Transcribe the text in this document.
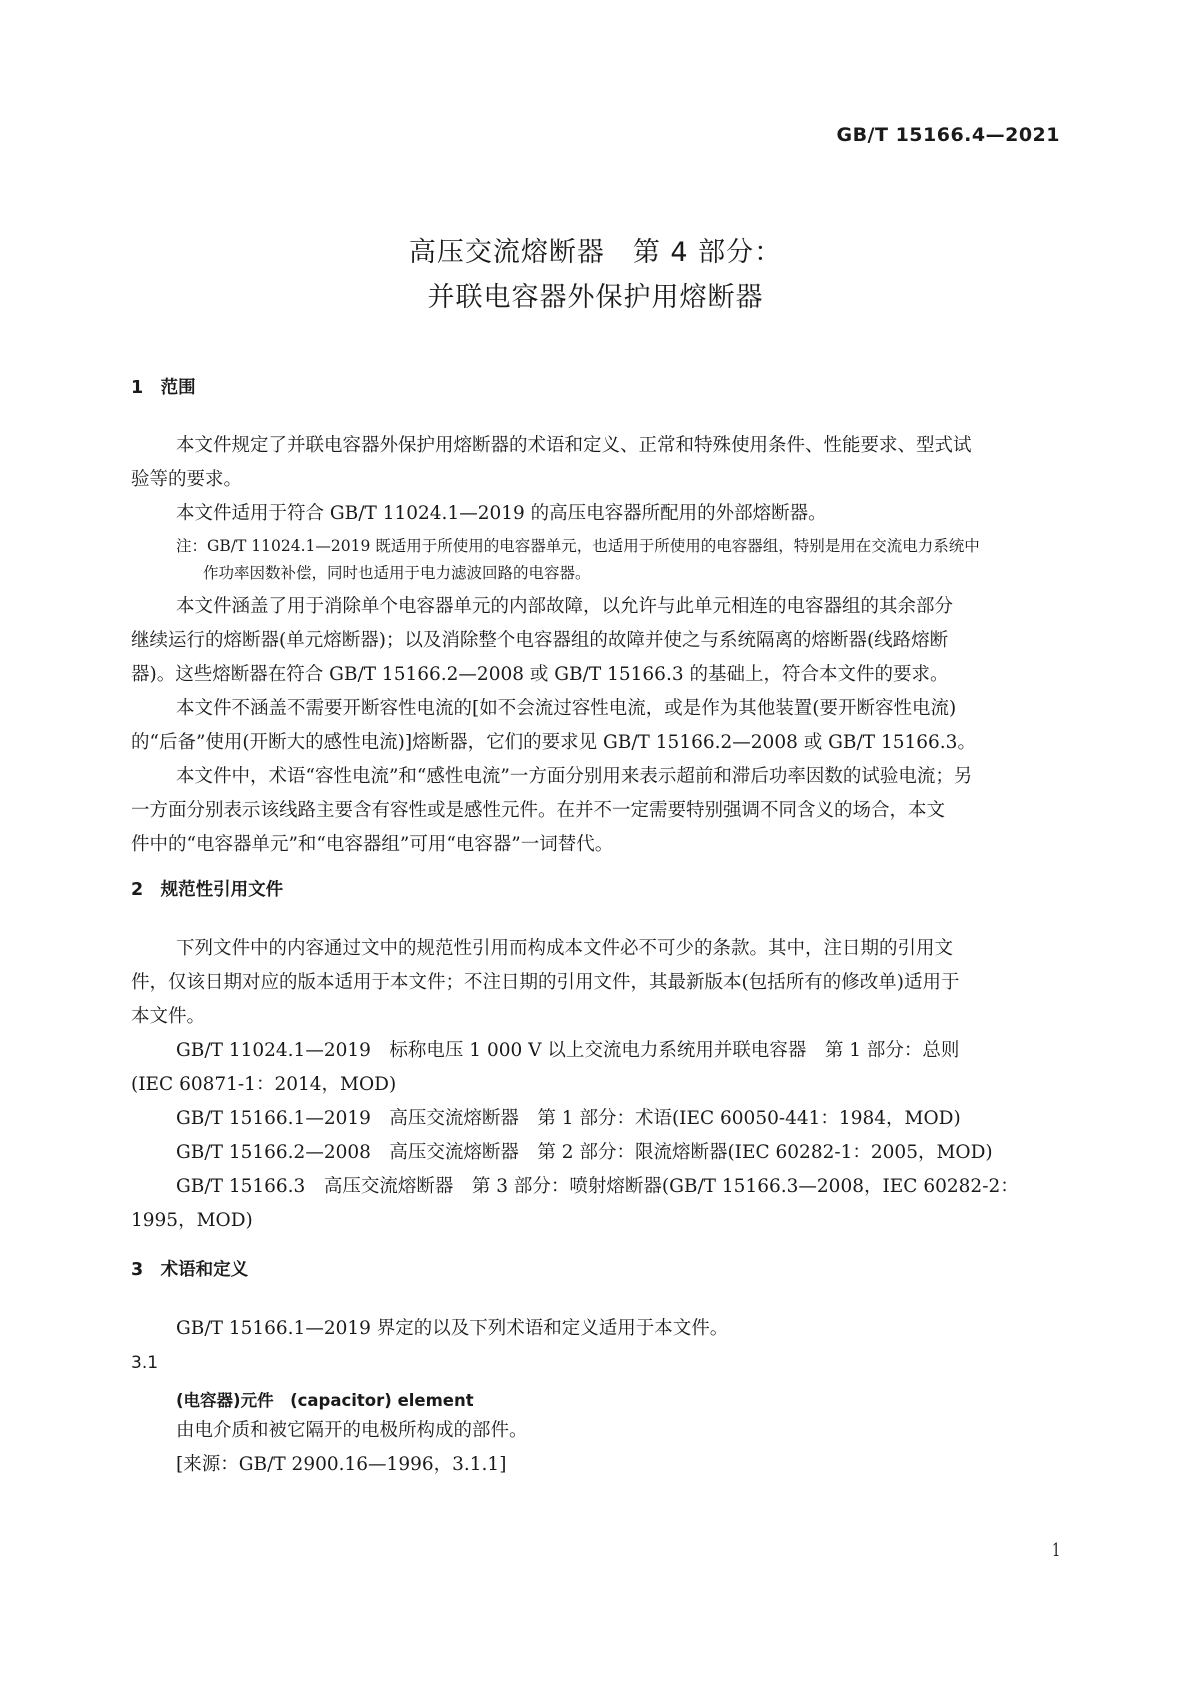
GB/T 15166.4—2021
高压交流熔断器　第 4 部分：
并联电容器外保护用熔断器
1　范围
本文件规定了并联电容器外保护用熔断器的术语和定义、正常和特殊使用条件、性能要求、型式试
验等的要求。
本文件适用于符合 GB/T 11024.1—2019 的高压电容器所配用的外部熔断器。
注：GB/T 11024.1—2019 既适用于所使用的电容器单元，也适用于所使用的电容器组，特别是用在交流电力系统中
作功率因数补偿，同时也适用于电力滤波回路的电容器。
本文件涵盖了用于消除单个电容器单元的内部故障，以允许与此单元相连的电容器组的其余部分
继续运行的熔断器(单元熔断器)；以及消除整个电容器组的故障并使之与系统隔离的熔断器(线路熔断
器)。这些熔断器在符合 GB/T 15166.2—2008 或 GB/T 15166.3 的基础上，符合本文件的要求。
本文件不涵盖不需要开断容性电流的[如不会流过容性电流，或是作为其他装置(要开断容性电流)
的“后备”使用(开断大的感性电流)]熔断器，它们的要求见 GB/T 15166.2—2008 或 GB/T 15166.3。
本文件中，术语“容性电流”和“感性电流”一方面分别用来表示超前和滞后功率因数的试验电流；另
一方面分别表示该线路主要含有容性或是感性元件。在并不一定需要特别强调不同含义的场合，本文
件中的“电容器单元”和“电容器组”可用“电容器”一词替代。
2　规范性引用文件
下列文件中的内容通过文中的规范性引用而构成本文件必不可少的条款。其中，注日期的引用文
件，仅该日期对应的版本适用于本文件；不注日期的引用文件，其最新版本(包括所有的修改单)适用于
本文件。
GB/T 11024.1—2019　标称电压 1 000 V 以上交流电力系统用并联电容器　第 1 部分：总则
(IEC 60871-1：2014，MOD)
GB/T 15166.1—2019　高压交流熔断器　第 1 部分：术语(IEC 60050-441：1984，MOD)
GB/T 15166.2—2008　高压交流熔断器　第 2 部分：限流熔断器(IEC 60282-1：2005，MOD)
GB/T 15166.3　高压交流熔断器　第 3 部分：喷射熔断器(GB/T 15166.3—2008，IEC 60282-2：
1995，MOD)
3　术语和定义
GB/T 15166.1—2019 界定的以及下列术语和定义适用于本文件。
3.1
(电容器)元件　(capacitor) element
由电介质和被它隔开的电极所构成的部件。
[来源：GB/T 2900.16—1996，3.1.1]
1
